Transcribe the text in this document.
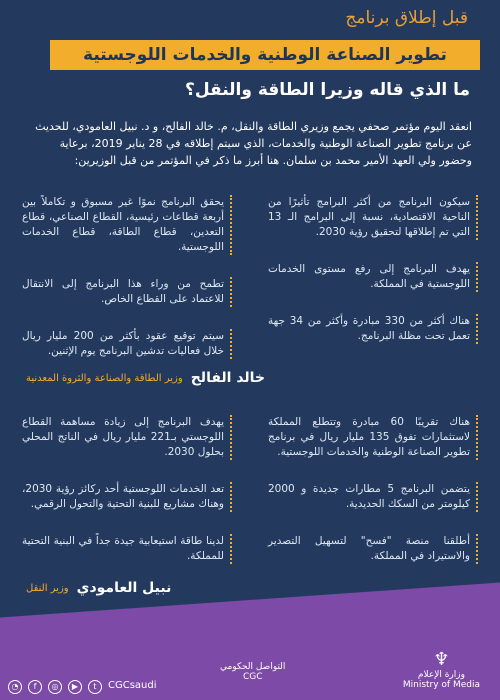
قبل إطلاق برنامج
تطوير الصناعة الوطنية والخدمات اللوجستية
ما الذي قاله وزيرا الطاقة والنقل؟
انعقد اليوم مؤتمر صحفي يجمع وزيري الطاقة والنقل، م. خالد الفالح، و د. نبيل العامودي، للحديث عن برنامج تطوير الصناعة الوطنية والخدمات، الذي سيتم إطلاقه في 28 يناير 2019، برعاية وحضور ولي العهد الأمير محمد بن سلمان. هنا أبرز ما ذكر في المؤتمر من قبل الوزيرين:
سيكون البرنامج من أكثر البرامج تأثيرًا من الناحية الاقتصادية، نسبة إلى البرامج الـ 13 التي تم إطلاقها لتحقيق رؤية 2030.
يهدف البرنامج إلى رفع مستوى الخدمات اللوجستية في المملكة.
هناك أكثر من 330 مبادرة وأكثر من 34 جهة تعمل تحت مظلة البرنامج.
يحقق البرنامج نموًا غير مسبوق و تكاملاً بين أربعة قطاعات رئيسية، القطاع الصناعي، قطاع التعدين، قطاع الطاقة، قطاع الخدمات اللوجستية.
تطمح من وراء هذا البرنامج إلى الانتقال للاعتماد على القطاع الخاص.
سيتم توقيع عقود بأكثر من 200 مليار ريال خلال فعاليات تدشين البرنامج يوم الإثنين.
خالد الفالح
وزير الطاقة والصناعة والثروة المعدنية
هناك تقريبًا 60 مبادرة وتتطلع المملكة لاستثمارات تفوق 135 مليار ريال في برنامج تطوير الصناعة الوطنية والخدمات اللوجستية.
يتضمن البرنامج 5 مطارات جديدة و 2000 كيلومتر من السكك الحديدية.
أطلقنا منصة "فسح" لتسهيل التصدير والاستيراد في المملكة.
يهدف البرنامج إلى زيادة مساهمة القطاع اللوجستي بـ221 مليار ريال في الناتج المحلي بحلول 2030.
تعد الخدمات اللوجستية أحد ركائز رؤية 2030، وهناك مشاريع للبنية التحتية والتحول الرقمي.
لدينا طاقة استيعابية جيدة جداً في البنية التحتية للمملكة.
نبيل العامودي
وزير النقل
◔	f	◎	▶	t	CGCsaudi
التواصل الحكومي
CGC
♆
وزارة الإعلام
Ministry of Media
